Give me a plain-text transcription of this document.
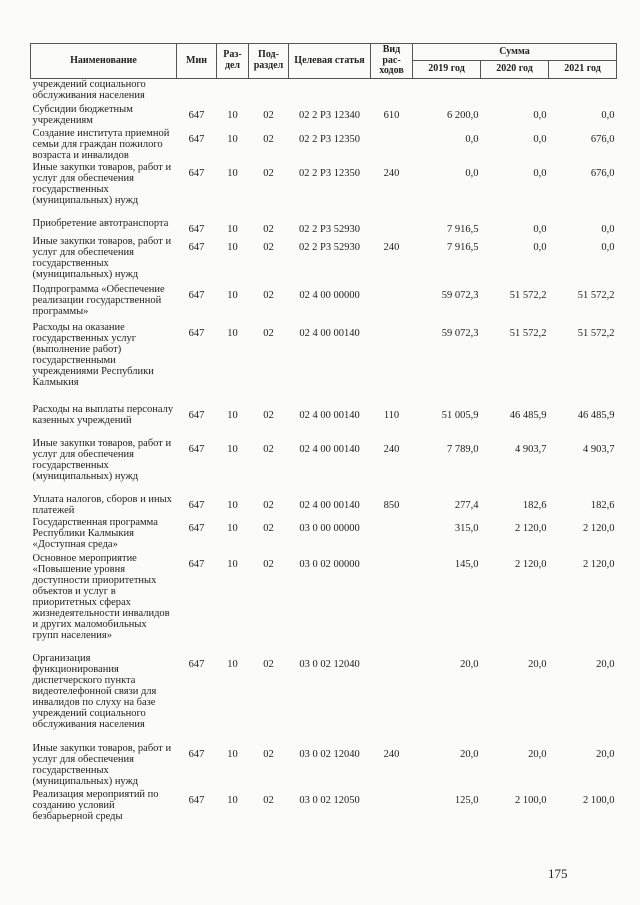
Наименование	Мин	Раз-дел	Под-раздел	Целевая статья	Вид рас-ходов	Сумма		
						2019 год	2020 год	2021 год
учреждений социального обслуживания населения								
Субсидии бюджетным учреждениям	647	10	02	02 2 Р3 12340	610	6 200,0	0,0	0,0
Создание института приемной семьи для граждан пожилого возраста и инвалидов	647	10	02	02 2 Р3 12350		0,0	0,0	676,0
Иные закупки товаров, работ и услуг для обеспечения государственных (муниципальных) нужд	647	10	02	02 2 Р3 12350	240	0,0	0,0	676,0
Приобретение автотранспорта	647	10	02	02 2 Р3 52930		7 916,5	0,0	0,0
Иные закупки товаров, работ и услуг для обеспечения государственных (муниципальных) нужд	647	10	02	02 2 Р3 52930	240	7 916,5	0,0	0,0
Подпрограмма «Обеспечение реализации государственной программы»	647	10	02	02 4 00 00000		59 072,3	51 572,2	51 572,2
Расходы на оказание государственных услуг (выполнение работ) государственными учреждениями Республики Калмыкия	647	10	02	02 4 00 00140		59 072,3	51 572,2	51 572,2
Расходы на выплаты персоналу казенных учреждений	647	10	02	02 4 00 00140	110	51 005,9	46 485,9	46 485,9
Иные закупки товаров, работ и услуг для обеспечения государственных (муниципальных) нужд	647	10	02	02 4 00 00140	240	7 789,0	4 903,7	4 903,7
Уплата налогов, сборов и иных платежей	647	10	02	02 4 00 00140	850	277,4	182,6	182,6
Государственная программа Республики Калмыкия «Доступная среда»	647	10	02	03 0 00 00000		315,0	2 120,0	2 120,0
Основное мероприятие «Повышение уровня доступности приоритетных объектов и услуг в приоритетных сферах жизнедеятельности инвалидов и других маломобильных групп населения»	647	10	02	03 0 02 00000		145,0	2 120,0	2 120,0
Организация функционирования диспетчерского пункта видеотелефонной связи для инвалидов по слуху на базе учреждений социального обслуживания населения	647	10	02	03 0 02 12040		20,0	20,0	20,0
Иные закупки товаров, работ и услуг для обеспечения государственных (муниципальных) нужд	647	10	02	03 0 02 12040	240	20,0	20,0	20,0
Реализация мероприятий по созданию условий безбарьерной среды	647	10	02	03 0 02 12050		125,0	2 100,0	2 100,0
175
